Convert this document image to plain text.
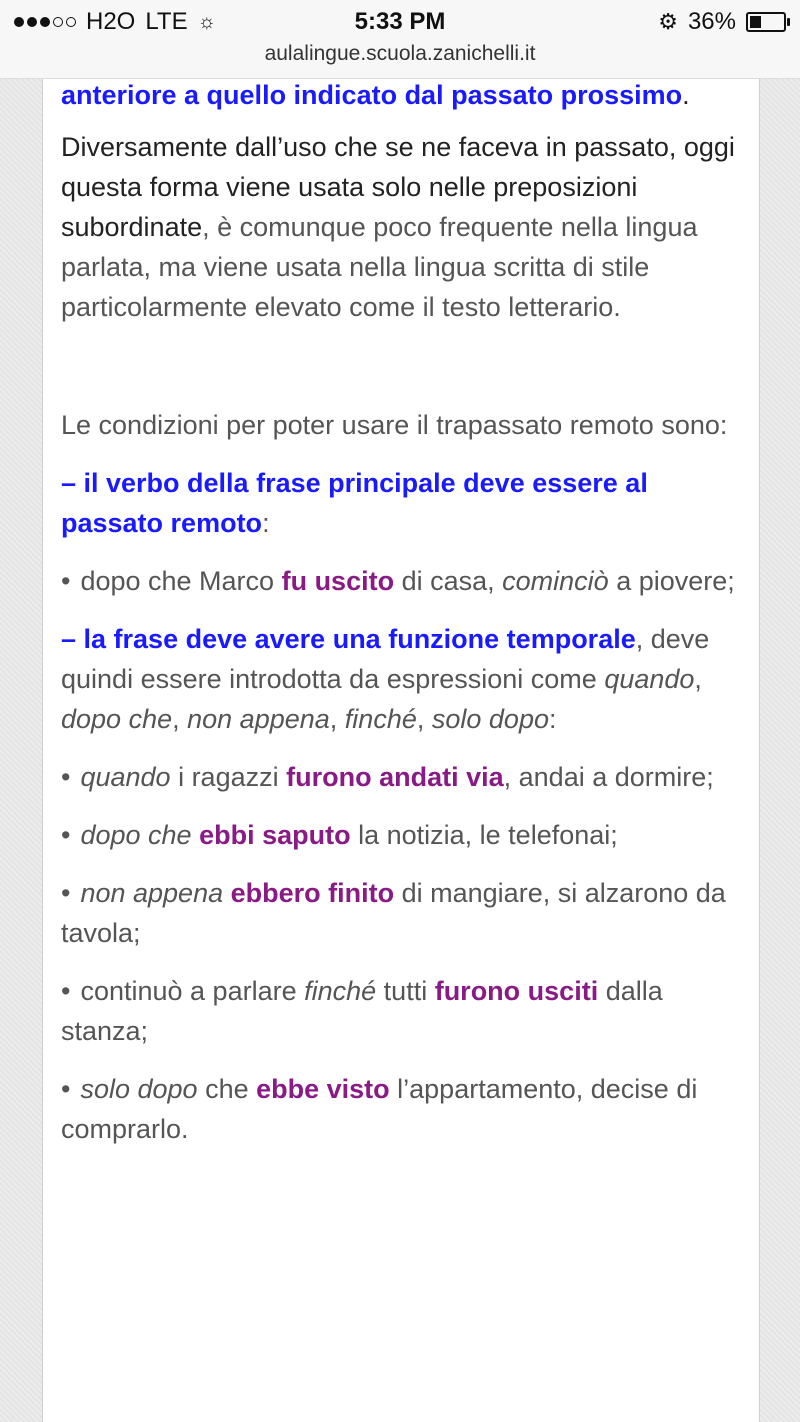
H2O LTE ☼	5:33 PM	⚙ 36%
aulalingue.scuola.zanichelli.it

anteriore a quello indicato dal passato prossimo.

Diversamente dall’uso che se ne faceva in passato, oggi questa forma viene usata solo nelle preposizioni subordinate, è comunque poco frequente nella lingua parlata, ma viene usata nella lingua scritta di stile particolarmente elevato come il testo letterario.

Le condizioni per poter usare il trapassato remoto sono:

– il verbo della frase principale deve essere al passato remoto:

• dopo che Marco fu uscito di casa, cominciò a piovere;

– la frase deve avere una funzione temporale, deve quindi essere introdotta da espressioni come quando, dopo che, non appena, finché, solo dopo:

• quando i ragazzi furono andati via, andai a dormire;

• dopo che ebbi saputo la notizia, le telefonai;

• non appena ebbero finito di mangiare, si alzarono da tavola;

• continuò a parlare finché tutti furono usciti dalla stanza;

• solo dopo che ebbe visto l’appartamento, decise di comprarlo.
